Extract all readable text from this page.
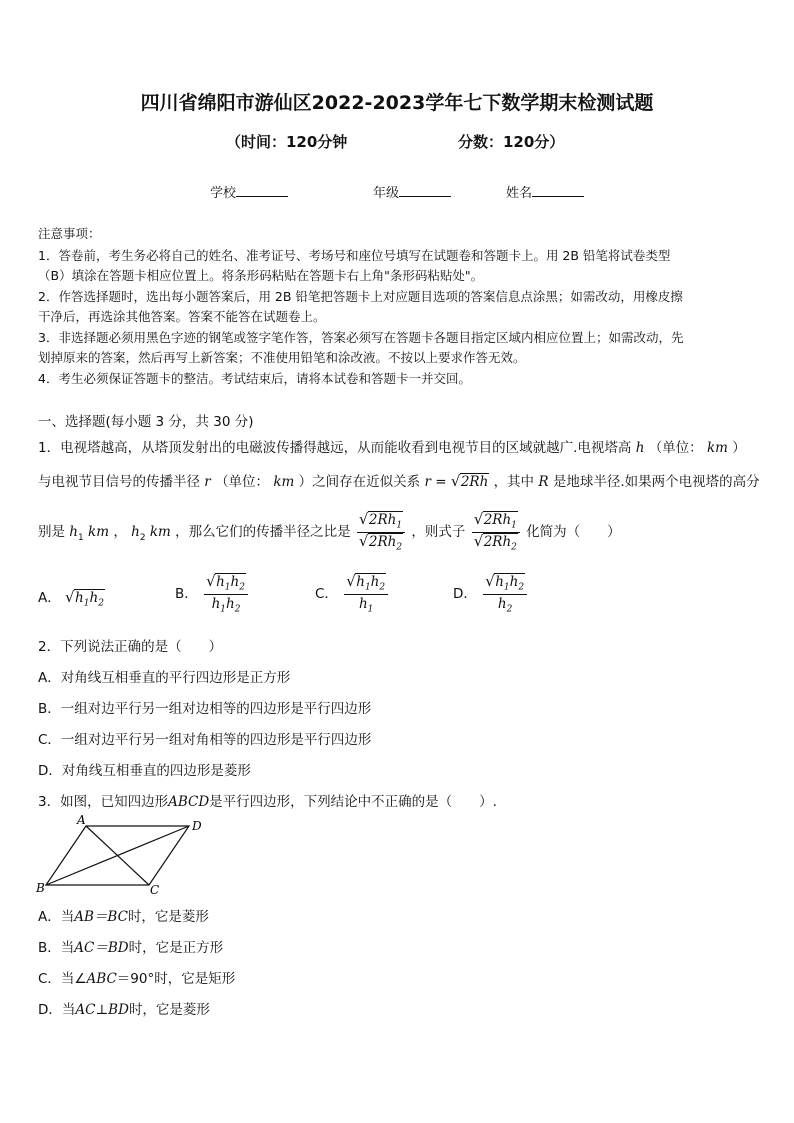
四川省绵阳市游仙区2022-2023学年七下数学期末检测试题
（时间：120分钟	分数：120分）
学校	年级	姓名
注意事项：
1．答卷前，考生务必将自己的姓名、准考证号、考场号和座位号填写在试题卷和答题卡上。用 2B 铅笔将试卷类型
（B）填涂在答题卡相应位置上。将条形码粘贴在答题卡右上角"条形码粘贴处"。
2．作答选择题时，选出每小题答案后，用 2B 铅笔把答题卡上对应题目选项的答案信息点涂黑；如需改动，用橡皮擦
干净后，再选涂其他答案。答案不能答在试题卷上。
3．非选择题必须用黑色字迹的钢笔或签字笔作答，答案必须写在答题卡各题目指定区域内相应位置上；如需改动，先
划掉原来的答案，然后再写上新答案；不准使用铅笔和涂改液。不按以上要求作答无效。
4．考生必须保证答题卡的整洁。考试结束后，请将本试卷和答题卡一并交回。
一、选择题(每小题 3 分，共 30 分)
1．电视塔越高，从塔顶发射出的电磁波传播得越远，从而能收看到电视节目的区域就越广.电视塔高 h （单位： km ）
与电视节目信号的传播半径 r （单位： km ）之间存在近似关系 r = √ 2Rh ，其中 R 是地球半径.如果两个电视塔的高分
别是 $h_1$ km ， $h_2$ km ，那么它们的传播半径之比是 $\frac{√ 2Rh_1}{√ 2Rh_2}$ ，则式子 $\frac{√ 2Rh_1}{√ 2Rh_2}$ 化简为（　　）
A． √ $h_1h_2$
B． $\frac{√ h_1h_2}{h_1h_2}$	C． $\frac{√ h_1h_2}{h_1}$	D． $\frac{√ h_1h_2}{h_2}$
2．下列说法正确的是（　　）
A．对角线互相垂直的平行四边形是正方形
B．一组对边平行另一组对边相等的四边形是平行四边形
C．一组对边平行另一组对角相等的四边形是平行四边形
D．对角线互相垂直的四边形是菱形
3．如图，已知四边形ABCD是平行四边形，下列结论中不正确的是（　　）.
A	D
B	C
A．当AB＝BC时，它是菱形
B．当AC＝BD时，它是正方形
C．当∠ABC＝90°时，它是矩形
D．当AC⊥BD时，它是菱形
